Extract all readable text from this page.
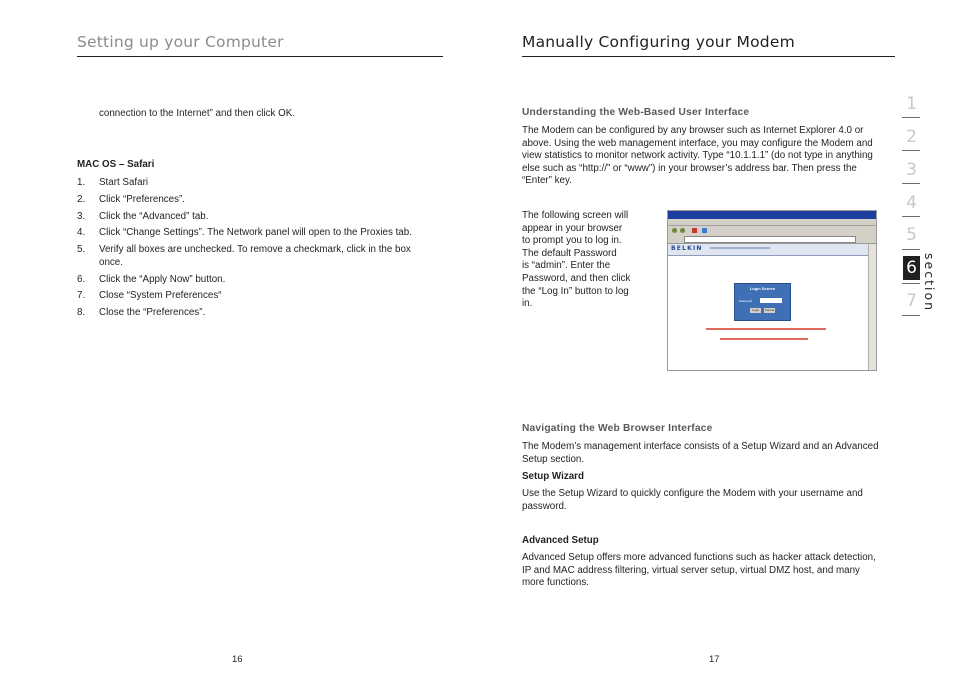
Setting up your Computer
connection to the Internet” and then click OK.
MAC OS – Safari
1. Start Safari
2. Click “Preferences”.
3. Click the “Advanced” tab.
4. Click “Change Settings”. The Network panel will open to the Proxies tab.
5. Verify all boxes are unchecked. To remove a checkmark, click in the box once.
6. Click the “Apply Now” button.
7. Close “System Preferences“
8. Close the “Preferences”.
16
Manually Configuring your Modem
Understanding the Web-Based User Interface
The Modem can be configured by any browser such as Internet Explorer 4.0 or above. Using the web management interface, you may configure the Modem and view statistics to monitor network activity. Type “10.1.1.1” (do not type in anything else such as “http://” or “www”) in your browser’s address bar. Then press the “Enter” key.
The following screen will
appear in your browser
to prompt you to log in.
The default Password
is “admin”. Enter the
Password, and then click
the “Log In” button to log
in.
BELKIN
Login Screen
Password
Login	Cancel
Navigating the Web Browser Interface
The Modem’s management interface consists of a Setup Wizard and an Advanced Setup section.
Setup Wizard
Use the Setup Wizard to quickly configure the Modem with your username and password.
Advanced Setup
Advanced Setup offers more advanced functions such as hacker attack detection, IP and MAC address filtering, virtual server setup, virtual DMZ host, and many more functions.
17
1
2
3
4
5
6
7 section
